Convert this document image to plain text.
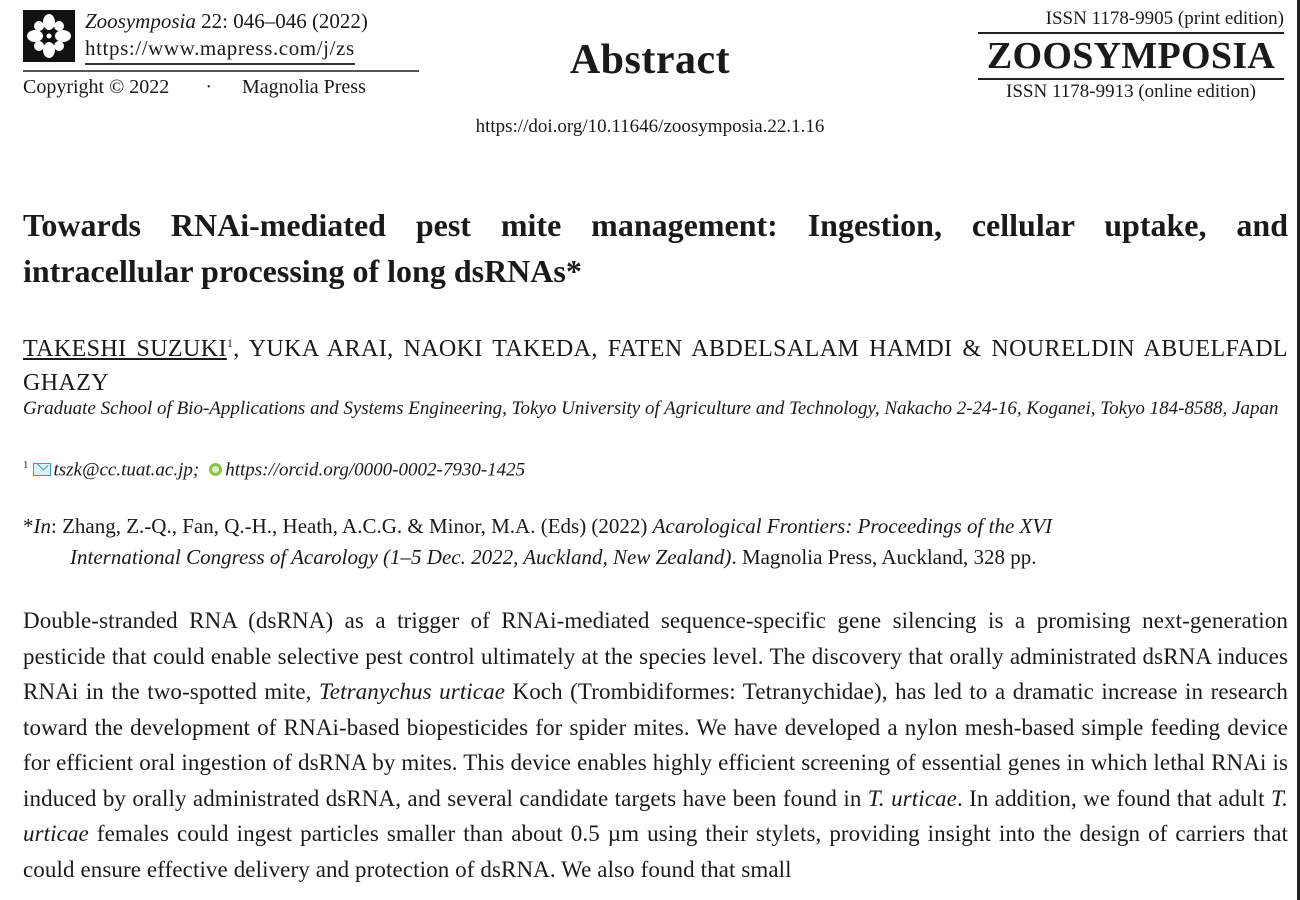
Zoosymposia 22: 046–046 (2022)
https://www.mapress.com/j/zs
Copyright © 2022 · Magnolia Press
Abstract
https://doi.org/10.11646/zoosymposia.22.1.16
ISSN 1178-9905 (print edition)
ZOOSYMPOSIA
ISSN 1178-9913 (online edition)
Towards RNAi-mediated pest mite management: Ingestion, cellular uptake, and intracellular processing of long dsRNAs*
TAKESHI SUZUKI$^1$, YUKA ARAI, NAOKI TAKEDA, FATEN ABDELSALAM HAMDI & NOURELDIN ABUELFADL GHAZY
Graduate School of Bio-Applications and Systems Engineering, Tokyo University of Agriculture and Technology, Nakacho 2-24-16, Koganei, Tokyo 184-8588, Japan
$^1$ tszk@cc.tuat.ac.jp; https://orcid.org/0000-0002-7930-1425
*In: Zhang, Z.-Q., Fan, Q.-H., Heath, A.C.G. & Minor, M.A. (Eds) (2022) Acarological Frontiers: Proceedings of the XVI
International Congress of Acarology (1–5 Dec. 2022, Auckland, New Zealand). Magnolia Press, Auckland, 328 pp.
Double-stranded RNA (dsRNA) as a trigger of RNAi-mediated sequence-specific gene silencing is a promising next-generation pesticide that could enable selective pest control ultimately at the species level. The discovery that orally administrated dsRNA induces RNAi in the two-spotted mite, Tetranychus urticae Koch (Trombidiformes: Tetranychidae), has led to a dramatic increase in research toward the development of RNAi-based biopesticides for spider mites. We have developed a nylon mesh-based simple feeding device for efficient oral ingestion of dsRNA by mites. This device enables highly efficient screening of essential genes in which lethal RNAi is induced by orally administrated dsRNA, and several candidate targets have been found in T. urticae. In addition, we found that adult T. urticae females could ingest particles smaller than about 0.5 µm using their stylets, providing insight into the design of carriers that could ensure effective delivery and protection of dsRNA. We also found that small
